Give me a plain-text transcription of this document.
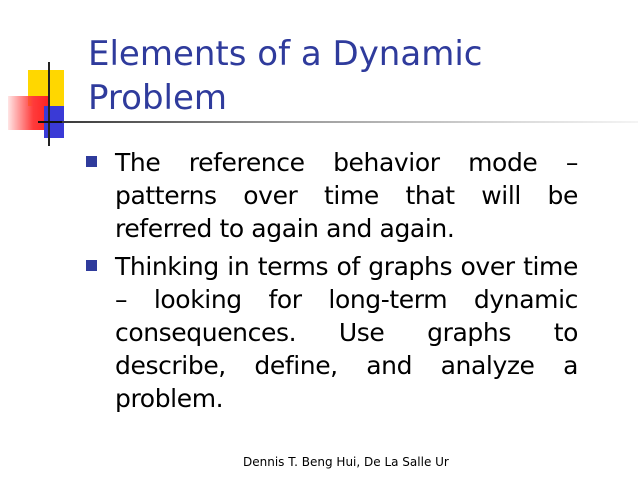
Elements of a Dynamic Problem
The reference behavior mode – patterns over time that will be referred to again and again.
Thinking in terms of graphs over time – looking for long-term dynamic consequences. Use graphs to describe, define, and analyze a problem.
Dennis T. Beng Hui, De La Salle Ur
